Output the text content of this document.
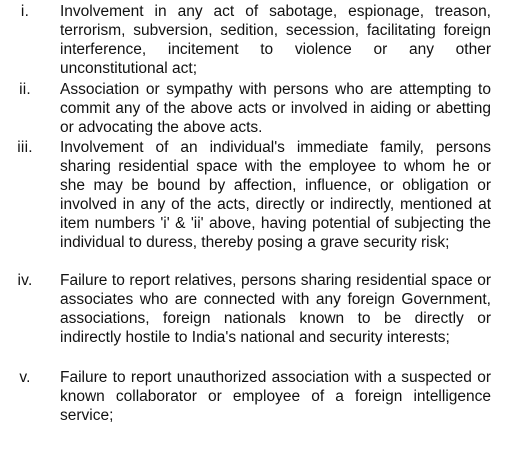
i.	Involvement in any act of sabotage, espionage, treason, terrorism, subversion, sedition, secession, facilitating foreign interference, incitement to violence or any other unconstitutional act;
ii.	Association or sympathy with persons who are attempting to commit any of the above acts or involved in aiding or abetting or advocating the above acts.
iii.	Involvement of an individual's immediate family, persons sharing residential space with the employee to whom he or she may be bound by affection, influence, or obligation or involved in any of the acts, directly or indirectly, mentioned at item numbers 'i' & 'ii' above, having potential of subjecting the individual to duress, thereby posing a grave security risk;
iv.	Failure to report relatives, persons sharing residential space or associates who are connected with any foreign Government, associations, foreign nationals known to be directly or indirectly hostile to India's national and security interests;
v.	Failure to report unauthorized association with a suspected or known collaborator or employee of a foreign intelligence service;
